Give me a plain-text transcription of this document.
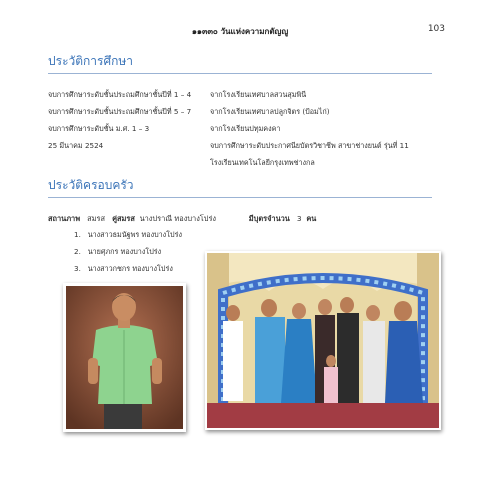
๑๑๓๓๐ วันแห่งความกตัญญู	103
ประวัติการศึกษา
จบการศึกษาระดับชั้นประถมศึกษาชั้นปีที่ 1 – 4	จากโรงเรียนเทศบาลสวนสุมพินี
จบการศึกษาระดับชั้นประถมศึกษาชั้นปีที่ 5 – 7	จากโรงเรียนเทศบาลปลูกจิตร (ป้อมไก่)
จบการศึกษาระดับชั้น ม.ศ. 1 – 3	จากโรงเรียนปทุมคงคา
25 มีนาคม 2524	จบการศึกษาระดับประกาศนียบัตรวิชาชีพ สาขาช่างยนต์ รุ่นที่ 11
โรงเรียนเทคโนโลยีกรุงเทพช่างกล
ประวัติครอบครัว
สถานภาพ สมรส คู่สมรส นางปราณี ทองบางโปร่ง	มีบุตรจำนวน 3 คน
1. นางสาวธมนัฐพร ทองบางโปร่ง
2. นายศุภกร ทองบางโปร่ง
3. นางสาวกชกร ทองบางโปร่ง
